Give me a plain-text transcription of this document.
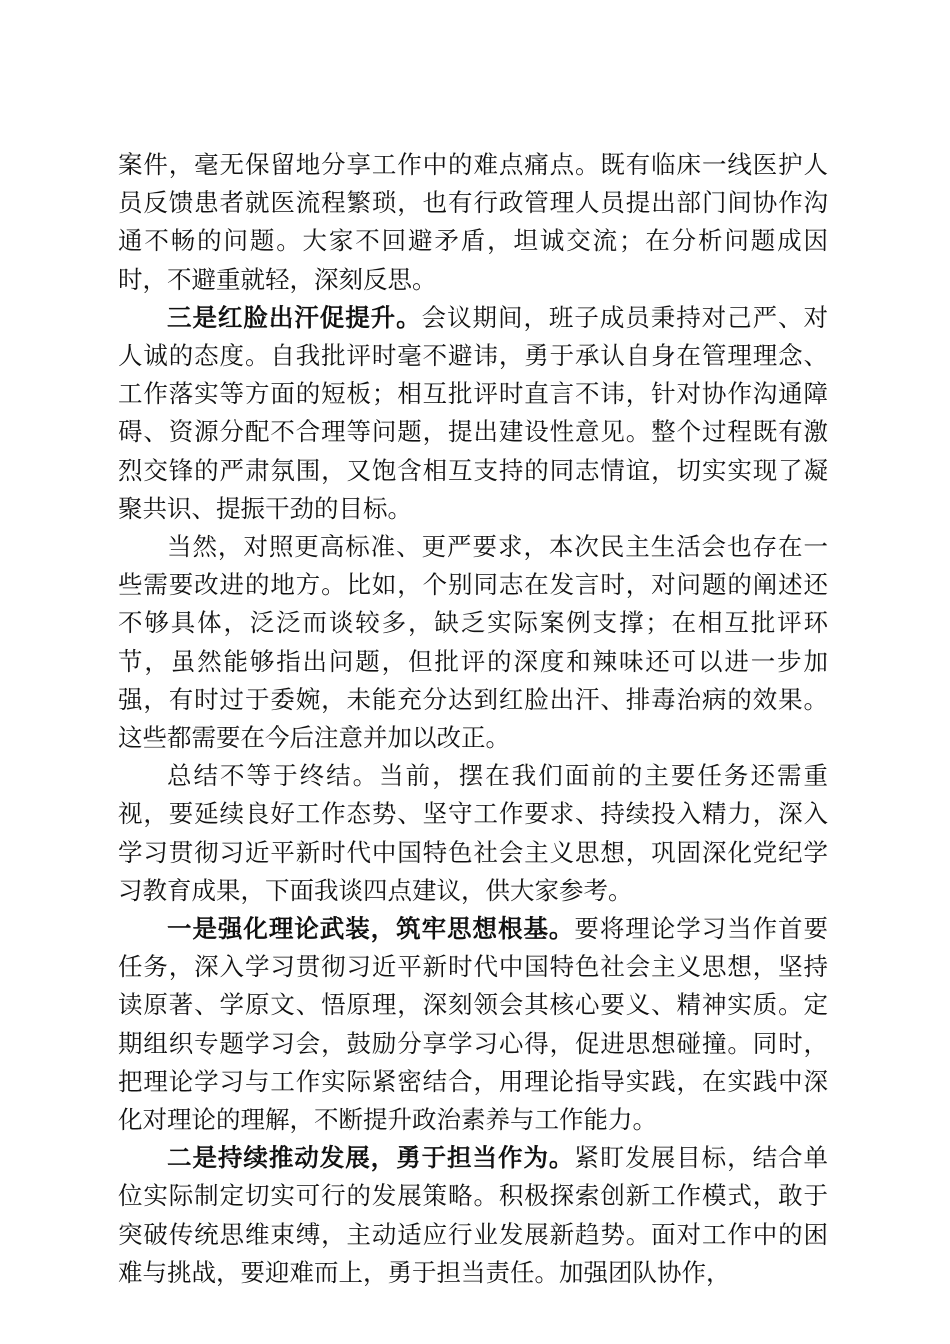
案件，毫无保留地分享工作中的难点痛点。既有临床一线医护人员反馈患者就医流程繁琐，也有行政管理人员提出部门间协作沟通不畅的问题。大家不回避矛盾，坦诚交流；在分析问题成因时，不避重就轻，深刻反思。

三是红脸出汗促提升。会议期间，班子成员秉持对己严、对人诚的态度。自我批评时毫不避讳，勇于承认自身在管理理念、工作落实等方面的短板；相互批评时直言不讳，针对协作沟通障碍、资源分配不合理等问题，提出建设性意见。整个过程既有激烈交锋的严肃氛围，又饱含相互支持的同志情谊，切实实现了凝聚共识、提振干劲的目标。

当然，对照更高标准、更严要求，本次民主生活会也存在一些需要改进的地方。比如，个别同志在发言时，对问题的阐述还不够具体，泛泛而谈较多，缺乏实际案例支撑；在相互批评环节，虽然能够指出问题，但批评的深度和辣味还可以进一步加强，有时过于委婉，未能充分达到红脸出汗、排毒治病的效果。这些都需要在今后注意并加以改正。

总结不等于终结。当前，摆在我们面前的主要任务还需重视，要延续良好工作态势、坚守工作要求、持续投入精力，深入学习贯彻习近平新时代中国特色社会主义思想，巩固深化党纪学习教育成果，下面我谈四点建议，供大家参考。

一是强化理论武装，筑牢思想根基。要将理论学习当作首要任务，深入学习贯彻习近平新时代中国特色社会主义思想，坚持读原著、学原文、悟原理，深刻领会其核心要义、精神实质。定期组织专题学习会，鼓励分享学习心得，促进思想碰撞。同时，把理论学习与工作实际紧密结合，用理论指导实践，在实践中深化对理论的理解，不断提升政治素养与工作能力。

二是持续推动发展，勇于担当作为。紧盯发展目标，结合单位实际制定切实可行的发展策略。积极探索创新工作模式，敢于突破传统思维束缚，主动适应行业发展新趋势。面对工作中的困难与挑战，要迎难而上，勇于担当责任。加强团队协作，
